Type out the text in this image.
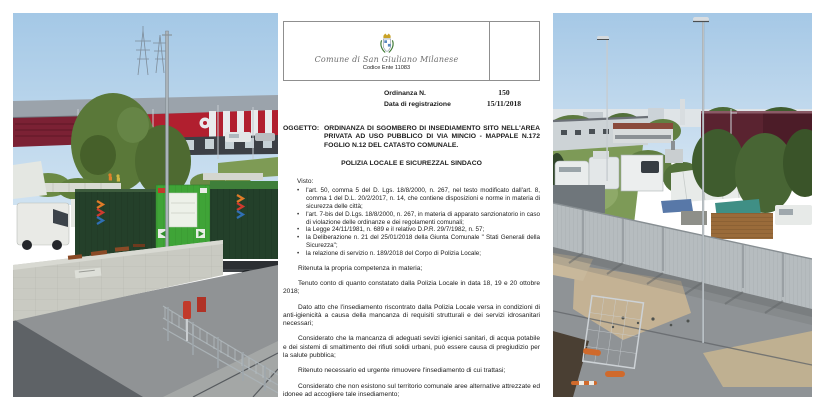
Comune di San Giuliano Milanese
Codice Ente 11083
Ordinanza N.	150
Data di registrazione	15/11/2018
OGGETTO: ORDINANZA DI SGOMBERO DI INSEDIAMENTO SITO NELL'AREA PRIVATA AD USO PUBBLICO DI VIA MINCIO - MAPPALE N.172 FOGLIO N.12 DEL CATASTO COMUNALE.
POLIZIA LOCALE E SICUREZZAL SINDACO
Visto:
•	l'art. 50, comma 5 del D. Lgs. 18/8/2000, n. 267, nel testo modificato dall'art. 8, comma 1 del D.L. 20/2/2017, n. 14, che contiene disposizioni e norme in materia di sicurezza delle città;
•	l'art. 7-bis del D.Lgs. 18/8/2000, n. 267, in materia di apparato sanzionatorio in caso di violazione delle ordinanze e dei regolamenti comunali;
•	la Legge 24/11/1981, n. 689 e il relativo D.P.R. 29/7/1982, n. 57;
•	la Deliberazione n. 21 del 25/01/2018 della Giunta Comunale " Stati Generali della Sicurezza";
•	la relazione di servizio n. 189/2018 del Corpo di Polizia Locale;

Ritenuta la propria competenza in materia;

Tenuto conto di quanto constatato dalla Polizia Locale in data 18, 19 e 20 ottobre 2018;

Dato atto che l'insediamento riscontrato dalla Polizia Locale versa in condizioni di anti-igienicità a causa della mancanza di requisiti strutturali e dei servizi idrosanitari necessari;

Considerato che la mancanza di adeguati sevizi igienici sanitari, di acqua potabile e dei sistemi di smaltimento dei rifiuti solidi urbani, può essere causa di pregiudizio per la salute pubblica;

Ritenuto necessario ed urgente rimuovere l'insediamento di cui trattasi;

Considerato che non esistono sul territorio comunale aree alternative attrezzate ed idonee ad accogliere tale insediamento;
